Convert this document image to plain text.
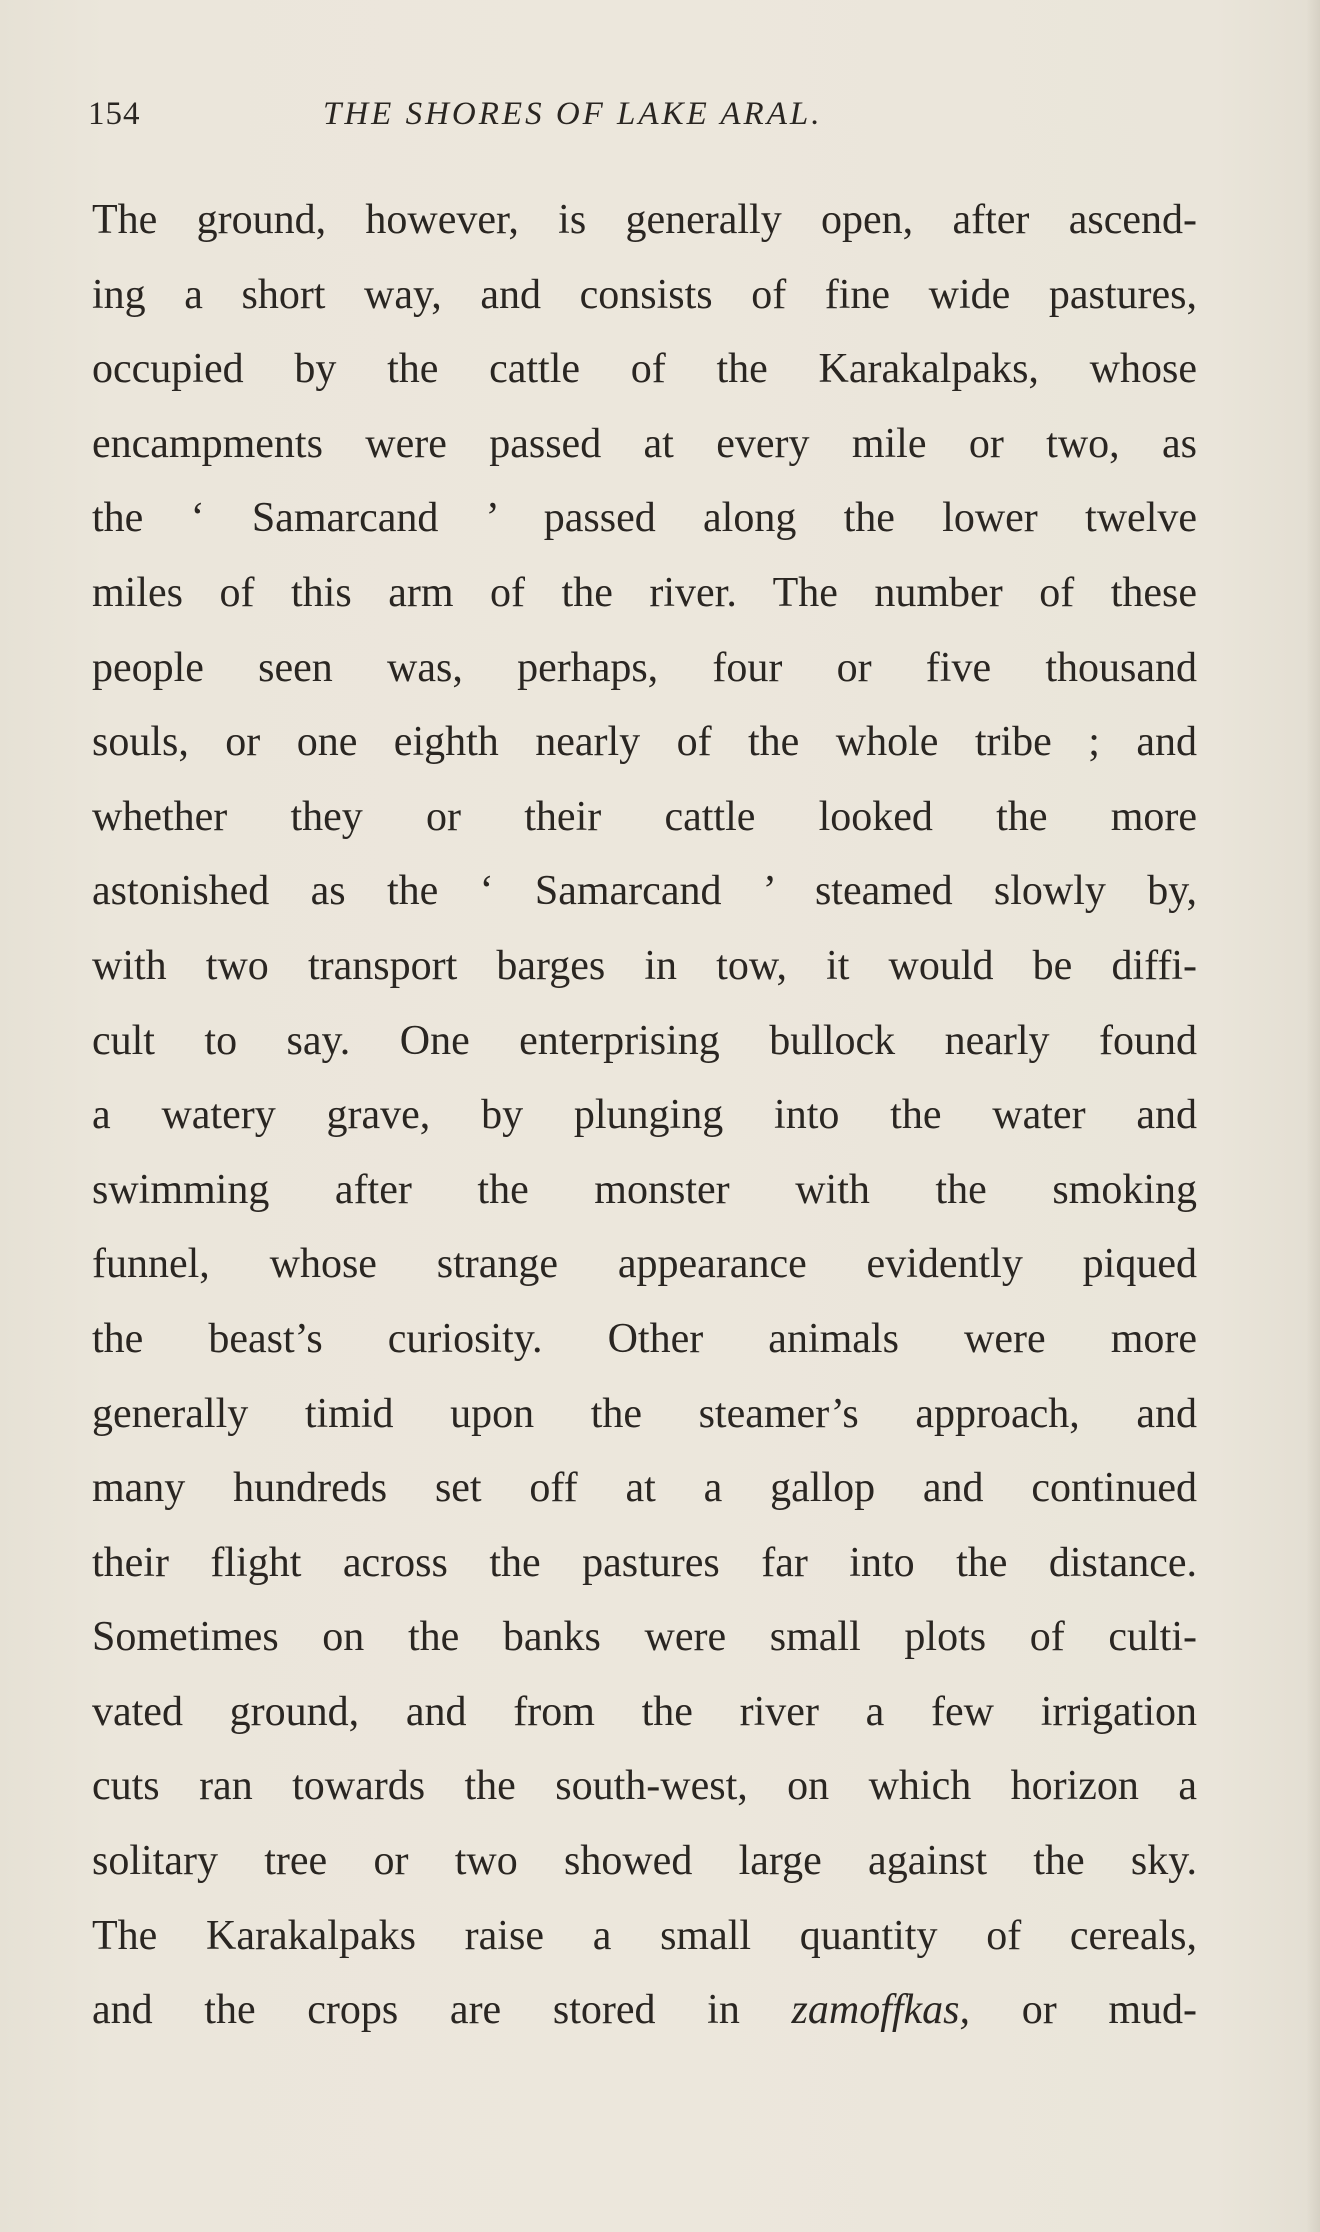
154	THE SHORES OF LAKE ARAL.
The ground, however, is generally open, after ascend-
ing a short way, and consists of fine wide pastures,
occupied by the cattle of the Karakalpaks, whose
encampments were passed at every mile or two, as
the ‘ Samarcand ’ passed along the lower twelve
miles of this arm of the river. The number of these
people seen was, perhaps, four or five thousand
souls, or one eighth nearly of the whole tribe ; and
whether they or their cattle looked the more
astonished as the ‘ Samarcand ’ steamed slowly by,
with two transport barges in tow, it would be diffi-
cult to say. One enterprising bullock nearly found
a watery grave, by plunging into the water and
swimming after the monster with the smoking
funnel, whose strange appearance evidently piqued
the beast’s curiosity. Other animals were more
generally timid upon the steamer’s approach, and
many hundreds set off at a gallop and continued
their flight across the pastures far into the distance.
Sometimes on the banks were small plots of culti-
vated ground, and from the river a few irrigation
cuts ran towards the south-west, on which horizon a
solitary tree or two showed large against the sky.
The Karakalpaks raise a small quantity of cereals,
and the crops are stored in zamoffkas, or mud-
